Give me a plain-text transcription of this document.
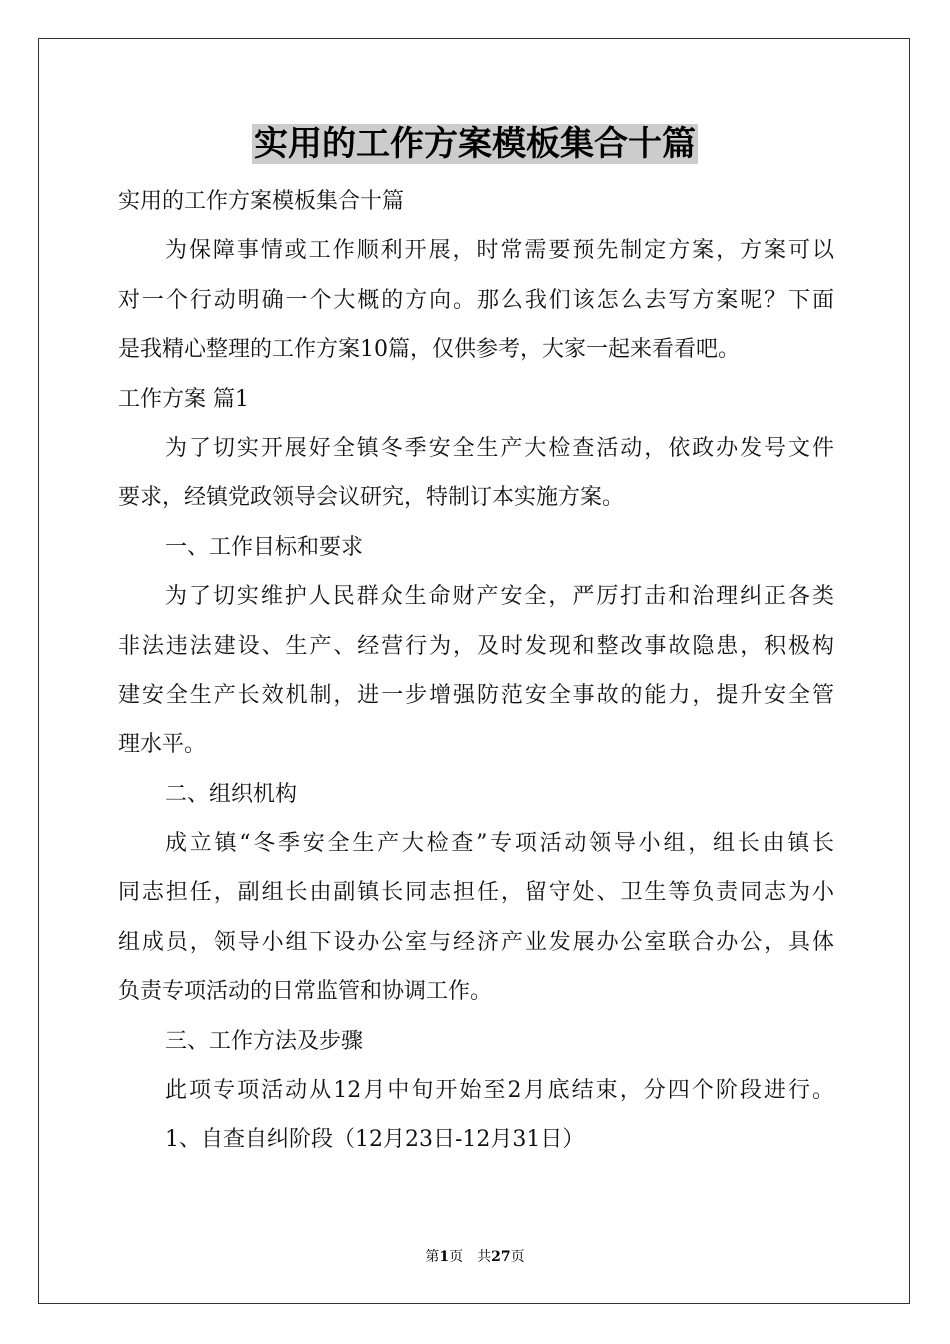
实用的工作方案模板集合十篇
实用的工作方案模板集合十篇
为保障事情或工作顺利开展，时常需要预先制定方案，方案可以
对一个行动明确一个大概的方向。那么我们该怎么去写方案呢？下面
是我精心整理的工作方案10篇，仅供参考，大家一起来看看吧。
工作方案 篇1
为了切实开展好全镇冬季安全生产大检查活动，依政办发号文件
要求，经镇党政领导会议研究，特制订本实施方案。
一、工作目标和要求
为了切实维护人民群众生命财产安全，严厉打击和治理纠正各类
非法违法建设、生产、经营行为，及时发现和整改事故隐患，积极构
建安全生产长效机制，进一步增强防范安全事故的能力，提升安全管
理水平。
二、组织机构
成立镇“冬季安全生产大检查”专项活动领导小组，组长由镇长
同志担任，副组长由副镇长同志担任，留守处、卫生等负责同志为小
组成员，领导小组下设办公室与经济产业发展办公室联合办公，具体
负责专项活动的日常监管和协调工作。
三、工作方法及步骤
此项专项活动从12月中旬开始至2月底结束，分四个阶段进行。
1、自查自纠阶段（12月23日-12月31日）
第1页 共27页
